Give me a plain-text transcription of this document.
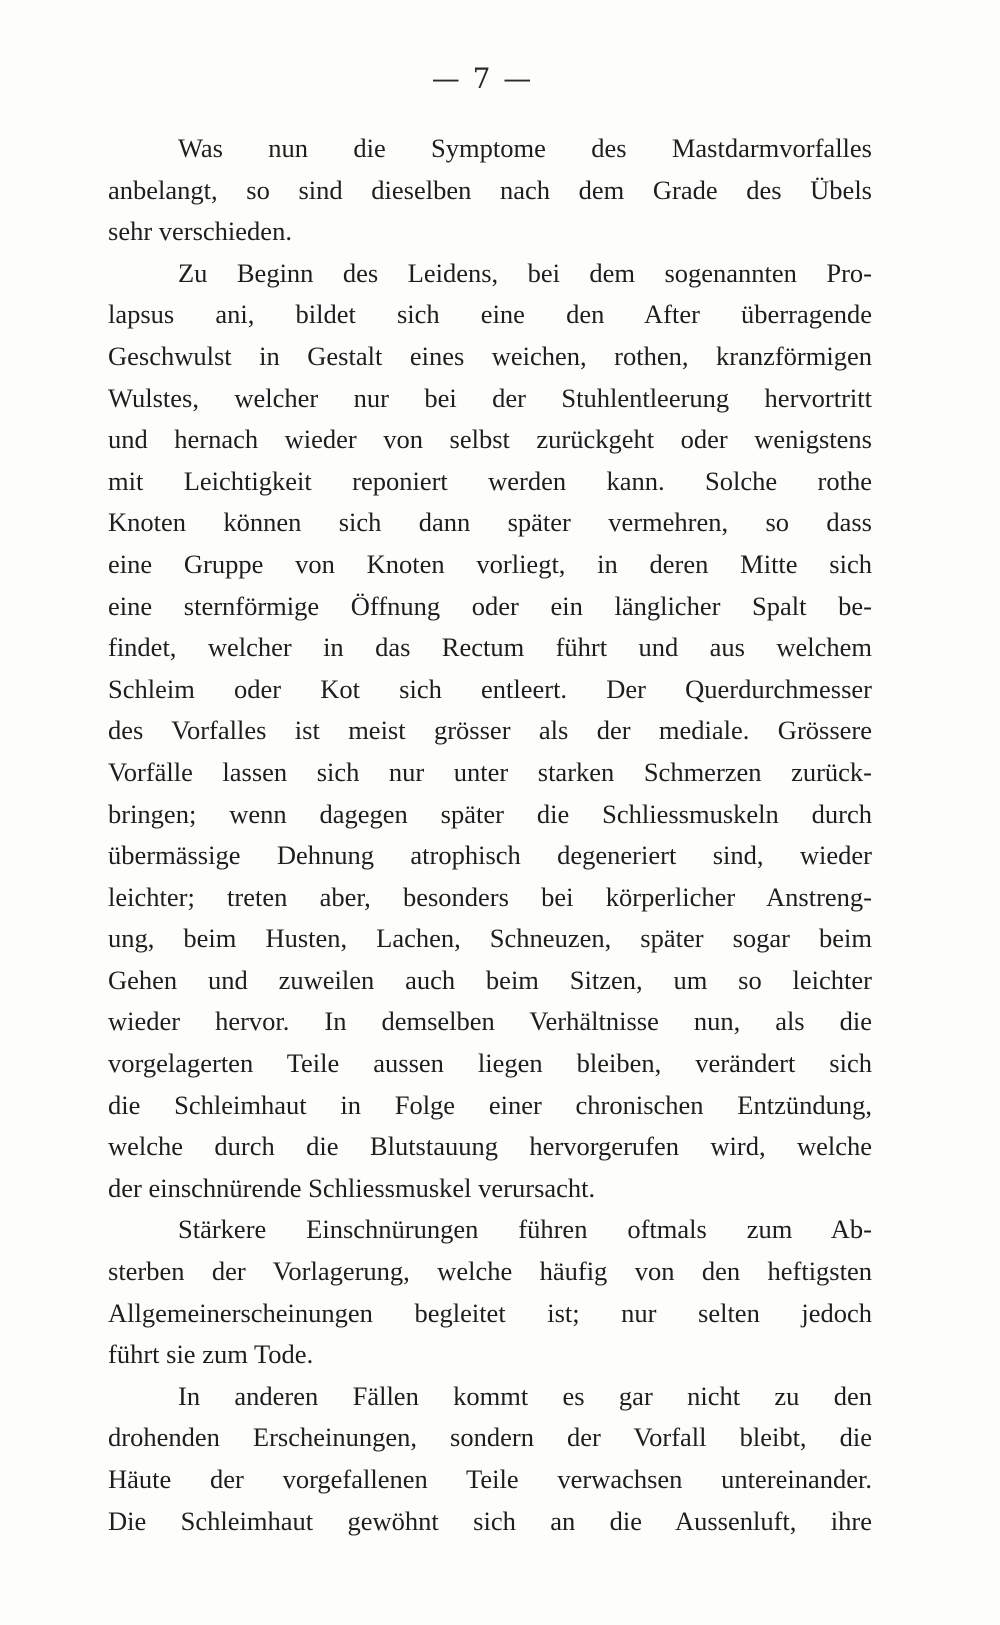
— 7 —
Was nun die Symptome des Mastdarmvorfalles
anbelangt, so sind dieselben nach dem Grade des Übels
sehr verschieden.
Zu Beginn des Leidens, bei dem sogenannten Pro-
lapsus ani, bildet sich eine den After überragende
Geschwulst in Gestalt eines weichen, rothen, kranzförmigen
Wulstes, welcher nur bei der Stuhlentleerung hervortritt
und hernach wieder von selbst zurückgeht oder wenigstens
mit Leichtigkeit reponiert werden kann. Solche rothe
Knoten können sich dann später vermehren, so dass
eine Gruppe von Knoten vorliegt, in deren Mitte sich
eine sternförmige Öffnung oder ein länglicher Spalt be-
findet, welcher in das Rectum führt und aus welchem
Schleim oder Kot sich entleert. Der Querdurchmesser
des Vorfalles ist meist grösser als der mediale. Grössere
Vorfälle lassen sich nur unter starken Schmerzen zurück-
bringen; wenn dagegen später die Schliessmuskeln durch
übermässige Dehnung atrophisch degeneriert sind, wieder
leichter; treten aber, besonders bei körperlicher Anstreng-
ung, beim Husten, Lachen, Schneuzen, später sogar beim
Gehen und zuweilen auch beim Sitzen, um so leichter
wieder hervor. In demselben Verhältnisse nun, als die
vorgelagerten Teile aussen liegen bleiben, verändert sich
die Schleimhaut in Folge einer chronischen Entzündung,
welche durch die Blutstauung hervorgerufen wird, welche
der einschnürende Schliessmuskel verursacht.
Stärkere Einschnürungen führen oftmals zum Ab-
sterben der Vorlagerung, welche häufig von den heftigsten
Allgemeinerscheinungen begleitet ist; nur selten jedoch
führt sie zum Tode.
In anderen Fällen kommt es gar nicht zu den
drohenden Erscheinungen, sondern der Vorfall bleibt, die
Häute der vorgefallenen Teile verwachsen untereinander.
Die Schleimhaut gewöhnt sich an die Aussenluft, ihre
